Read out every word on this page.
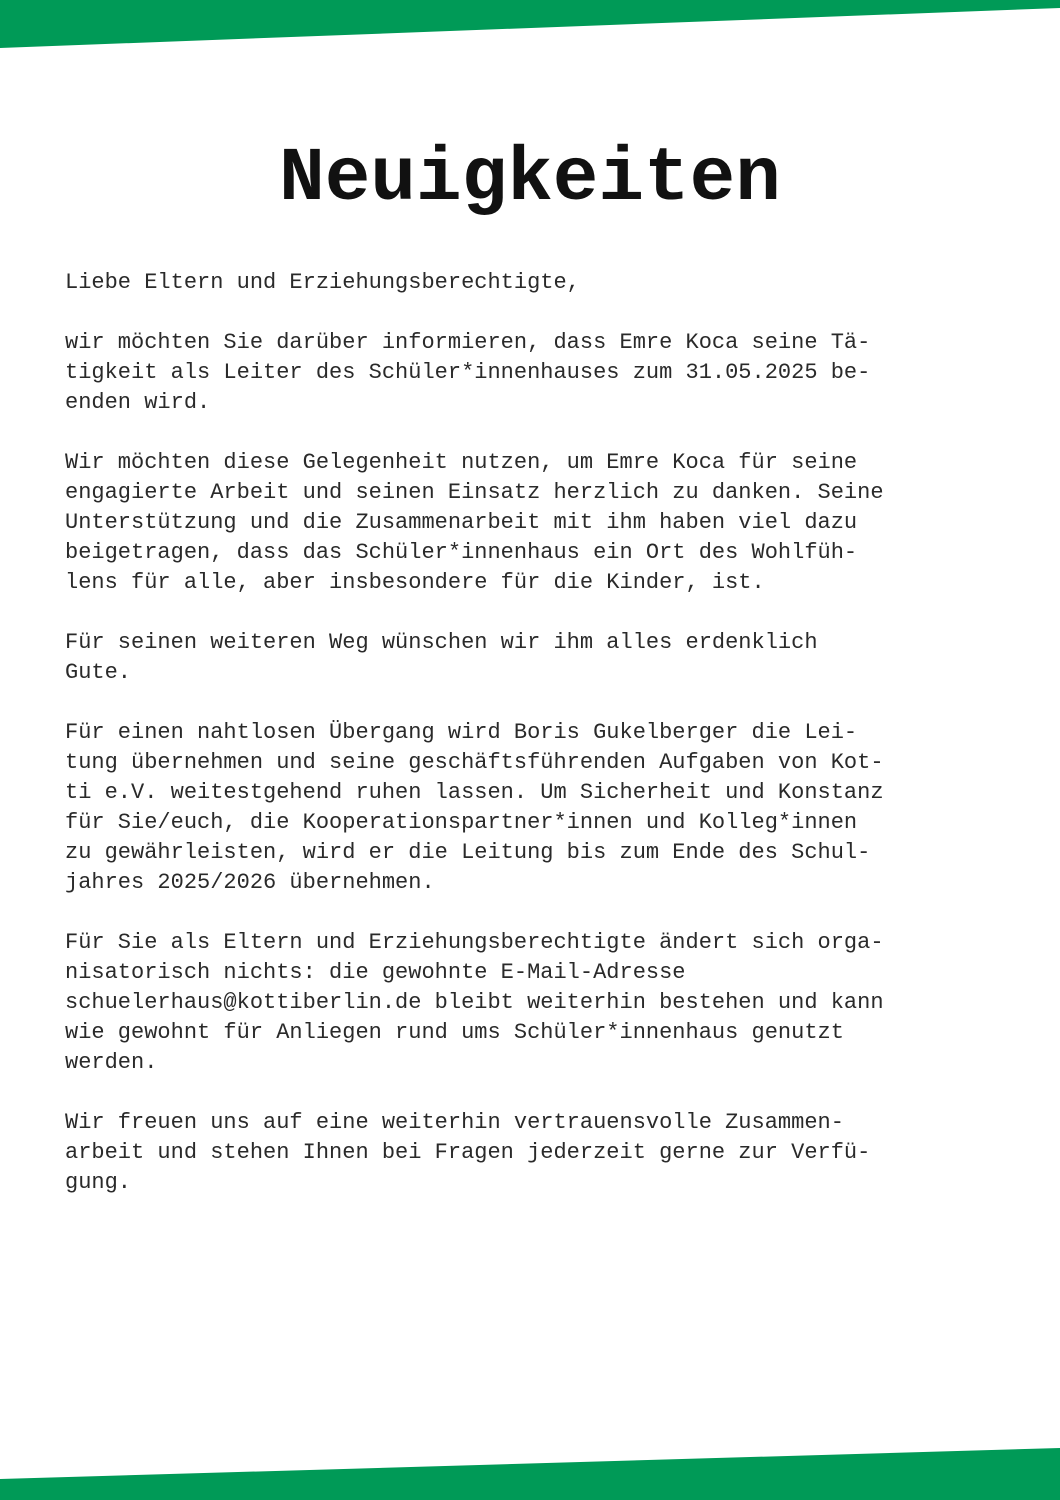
Neuigkeiten

Liebe Eltern und Erziehungsberechtigte,

wir möchten Sie darüber informieren, dass Emre Koca seine Tä-
tigkeit als Leiter des Schüler*innenhauses zum 31.05.2025 be-
enden wird.

Wir möchten diese Gelegenheit nutzen, um Emre Koca für seine
engagierte Arbeit und seinen Einsatz herzlich zu danken. Seine
Unterstützung und die Zusammenarbeit mit ihm haben viel dazu
beigetragen, dass das Schüler*innenhaus ein Ort des Wohlfüh-
lens für alle, aber insbesondere für die Kinder, ist.

Für seinen weiteren Weg wünschen wir ihm alles erdenklich
Gute.

Für einen nahtlosen Übergang wird Boris Gukelberger die Lei-
tung übernehmen und seine geschäftsführenden Aufgaben von Kot-
ti e.V. weitestgehend ruhen lassen. Um Sicherheit und Konstanz
für Sie/euch, die Kooperationspartner*innen und Kolleg*innen
zu gewährleisten, wird er die Leitung bis zum Ende des Schul-
jahres 2025/2026 übernehmen.

Für Sie als Eltern und Erziehungsberechtigte ändert sich orga-
nisatorisch nichts: die gewohnte E-Mail-Adresse
schuelerhaus@kottiberlin.de bleibt weiterhin bestehen und kann
wie gewohnt für Anliegen rund ums Schüler*innenhaus genutzt
werden.

Wir freuen uns auf eine weiterhin vertrauensvolle Zusammen-
arbeit und stehen Ihnen bei Fragen jederzeit gerne zur Verfü-
gung.
